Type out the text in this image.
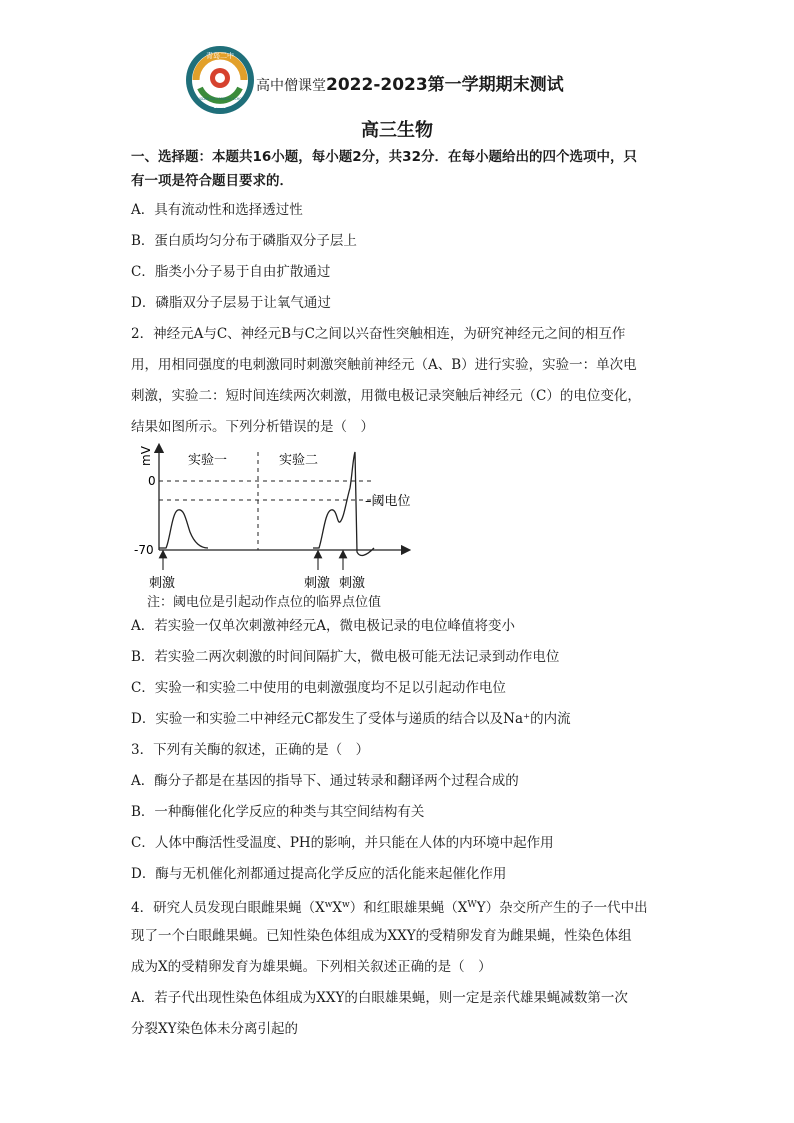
青岛二中
1925
QINGDAO NO.2 MIDDLE SCHOOL
高中僧课堂2022-2023第一学期期末测试
高三生物
一、选择题：本题共16小题，每小题2分，共32分．在每小题给出的四个选项中，只
有一项是符合题目要求的．
A．具有流动性和选择透过性
B．蛋白质均匀分布于磷脂双分子层上
C．脂类小分子易于自由扩散通过
D．磷脂双分子层易于让氧气通过
2．神经元A与C、神经元B与C之间以兴奋性突触相连，为研究神经元之间的相互作
用，用相同强度的电刺激同时刺激突触前神经元（A、B）进行实验，实验一：单次电
刺激，实验二：短时间连续两次刺激，用微电极记录突触后神经元（C）的电位变化，
结果如图所示。下列分析错误的是（　）
mV
0
-70
–阈电位
实验一	实验二
刺激	刺激 刺激
注：阈电位是引起动作点位的临界点位值
A．若实验一仅单次刺激神经元A，微电极记录的电位峰值将变小
B．若实验二两次刺激的时间间隔扩大，微电极可能无法记录到动作电位
C．实验一和实验二中使用的电刺激强度均不足以引起动作电位
D．实验一和实验二中神经元C都发生了受体与递质的结合以及Na⁺的内流
3．下列有关酶的叙述，正确的是（　）
A．酶分子都是在基因的指导下、通过转录和翻译两个过程合成的
B．一种酶催化化学反应的种类与其空间结构有关
C．人体中酶活性受温度、PH的影响，并只能在人体的内环境中起作用
D．酶与无机催化剂都通过提高化学反应的活化能来起催化作用
4．研究人员发现白眼雌果蝇$(X^wX^w)$和红眼雄果蝇$(X^WY)$杂交所产生的子一代中出
现了一个白眼雌果蝇。已知性染色体组成为XXY的受精卵发育为雌果蝇，性染色体组
成为X的受精卵发育为雄果蝇。下列相关叙述正确的是（　）
A．若子代出现性染色体组成为XXY的白眼雄果蝇，则一定是亲代雄果蝇减数第一次
分裂XY染色体未分离引起的
